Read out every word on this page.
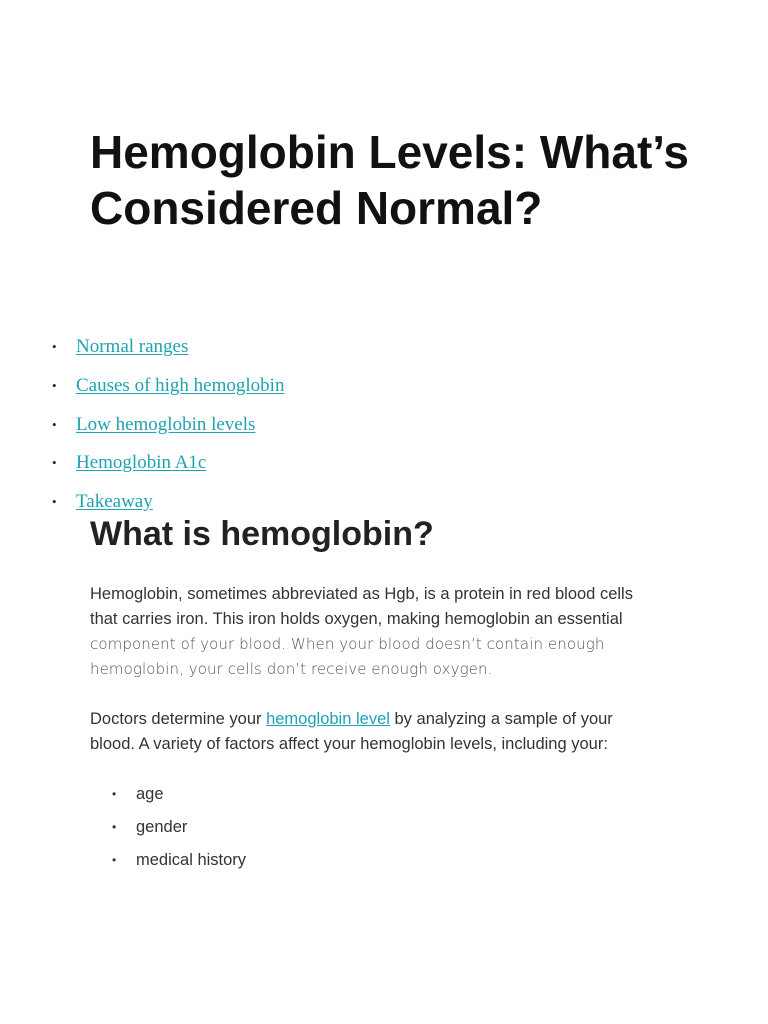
Hemoglobin Levels: What’s Considered Normal?
• Normal ranges
• Causes of high hemoglobin
• Low hemoglobin levels
• Hemoglobin A1c
• Takeaway
What is hemoglobin?

Hemoglobin, sometimes abbreviated as Hgb, is a protein in red blood cells
that carries iron. This iron holds oxygen, making hemoglobin an essential
component of your blood. When your blood doesn’t contain enough
hemoglobin, your cells don’t receive enough oxygen.

Doctors determine your hemoglobin level by analyzing a sample of your
blood. A variety of factors affect your hemoglobin levels, including your:

• age
• gender
• medical history
